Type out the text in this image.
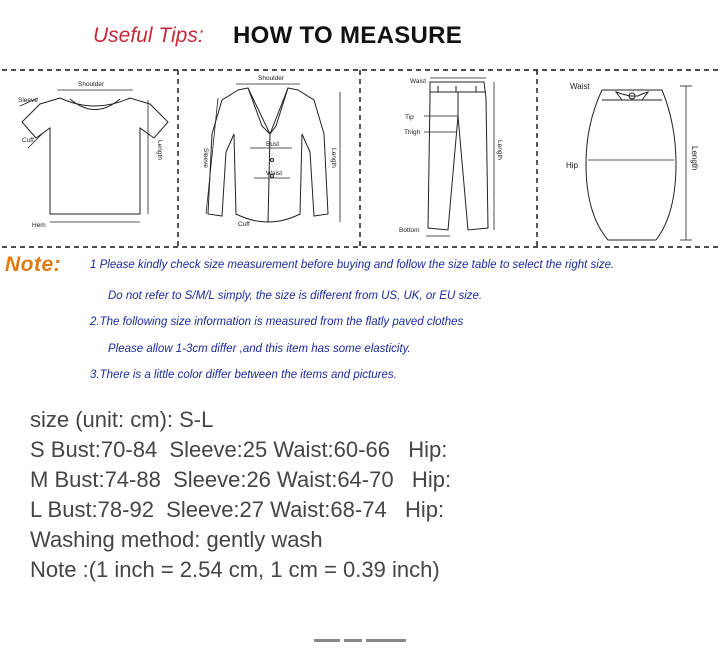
Useful Tips: HOW TO MEASURE
Shoulder
Sleeve
Cuff
Hem
Length
Shoulder
Sleeve
Bust
Waist
Cuff
Length
Waist
Tip
Thigh
Bottom
Length
Waist
Hip	Length
Note:	1 Please kindly check size measurement before buying and follow the size table to select the right size.
Do not refer to S/M/L simply, the size is different from US, UK, or EU size.
2.The following size information is measured from the flatly paved clothes
Please allow 1-3cm differ ,and this item has some elasticity.
3.There is a little color differ between the items and pictures.
size (unit: cm): S-L
S Bust:70-84  Sleeve:25 Waist:60-66   Hip:
M Bust:74-88  Sleeve:26 Waist:64-70   Hip:
L Bust:78-92  Sleeve:27 Waist:68-74   Hip:
Washing method: gently wash
Note :(1 inch = 2.54 cm, 1 cm = 0.39 inch)
